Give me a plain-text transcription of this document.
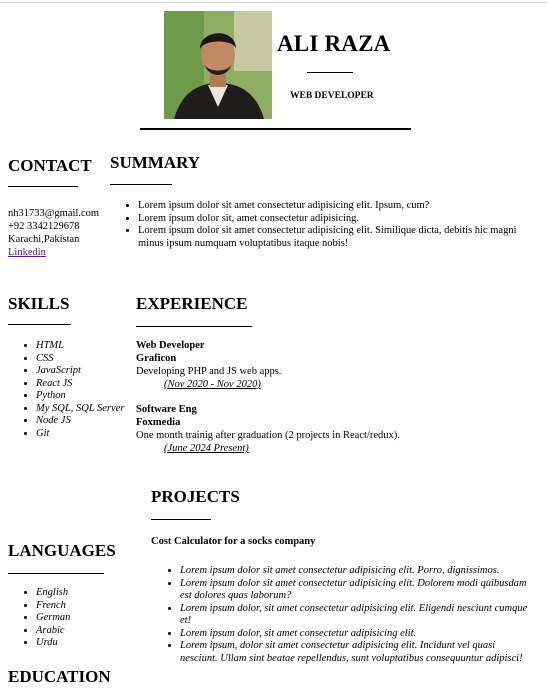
ALI RAZA
WEB DEVELOPER
CONTACT
nh31733@gmail.com
+92 3342129678
Karachi,Pakistan
Linkedin
SUMMARY
• Lorem ipsum dolor sit amet consectetur adipisicing elit. Ipsum, cum?
• Lorem ipsum dolor sit, amet consectetur adipisicing.
• Lorem ipsum dolor sit amet consectetur adipisicing elit. Similique dicta, debitis hic magni minus ipsum numquam voluptatibus itaque nobis!
SKILLS
• HTML
• CSS
• JavaScript
• React JS
• Python
• My SQL, SQL Server
• Node JS
• Git
EXPERIENCE
Web Developer
Graficon
Developing PHP and JS web apps.
(Nov 2020 - Nov 2020)
Software Eng
Foxmedia
One month trainig after graduation (2 projects in React/redux).
(June 2024 Present)
PROJECTS
Cost Calculator for a socks company
• Lorem ipsum dolor sit amet consectetur adipisicing elit. Porro, dignissimos.
• Lorem ipsum dolor sit amet consectetur adipisicing elit. Dolorem modi quibusdam est dolores quas laborum?
• Lorem ipsum dolor, sit amet consectetur adipisicing elit. Eligendi nesciunt cumque et!
• Lorem ipsum dolor, sit amet consectetur adipisicing elit.
• Lorem ipsum, dolor sit amet consectetur adipisicing elit. Incidunt vel quasi nesciunt. Ullam sint beatae repellendus, sunt voluptatibus consequuntur adipisci!
LANGUAGES
• English
• French
• German
• Arabic
• Urdu
EDUCATION
